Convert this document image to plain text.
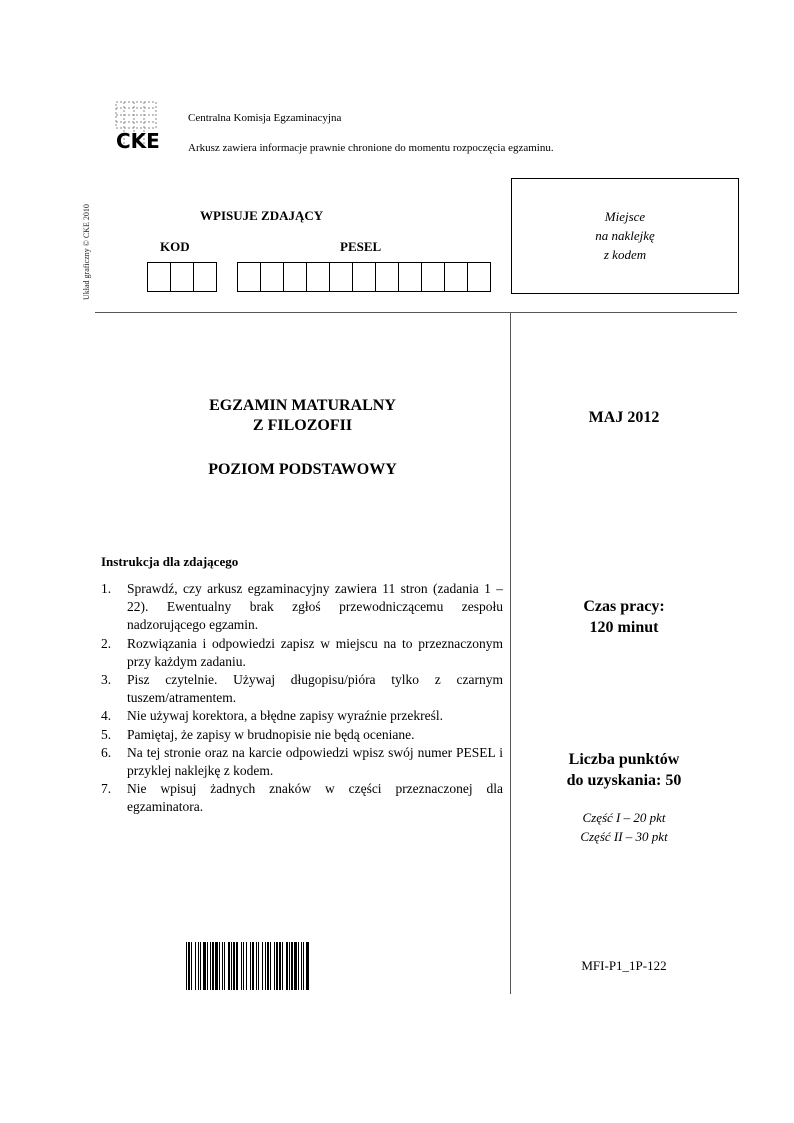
CKE
Centralna Komisja Egzaminacyjna
Arkusz zawiera informacje prawnie chronione do momentu rozpoczęcia egzaminu.
Układ graficzny © CKE 2010	WPISUJE ZDAJĄCY
KOD	PESEL
Miejsce
na naklejkę
z kodem
EGZAMIN MATURALNY
Z FILOZOFII
POZIOM PODSTAWOWY
MAJ 2012
Instrukcja dla zdającego
1.	Sprawdź, czy arkusz egzaminacyjny zawiera 11 stron (zadania 1 – 22). Ewentualny brak zgłoś przewodniczącemu zespołu nadzorującego egzamin.
2.	Rozwiązania i odpowiedzi zapisz w miejscu na to przeznaczonym przy każdym zadaniu.
3.	Pisz czytelnie. Używaj długopisu/pióra tylko z czarnym tuszem/atramentem.
4.	Nie używaj korektora, a błędne zapisy wyraźnie przekreśl.
5.	Pamiętaj, że zapisy w brudnopisie nie będą oceniane.
6.	Na tej stronie oraz na karcie odpowiedzi wpisz swój numer PESEL i przyklej naklejkę z kodem.
7.	Nie wpisuj żadnych znaków w części przeznaczonej dla egzaminatora.
Czas pracy:
120 minut
Liczba punktów
do uzyskania: 50
Część I – 20 pkt
Część II – 30 pkt
MFI-P1_1P-122
